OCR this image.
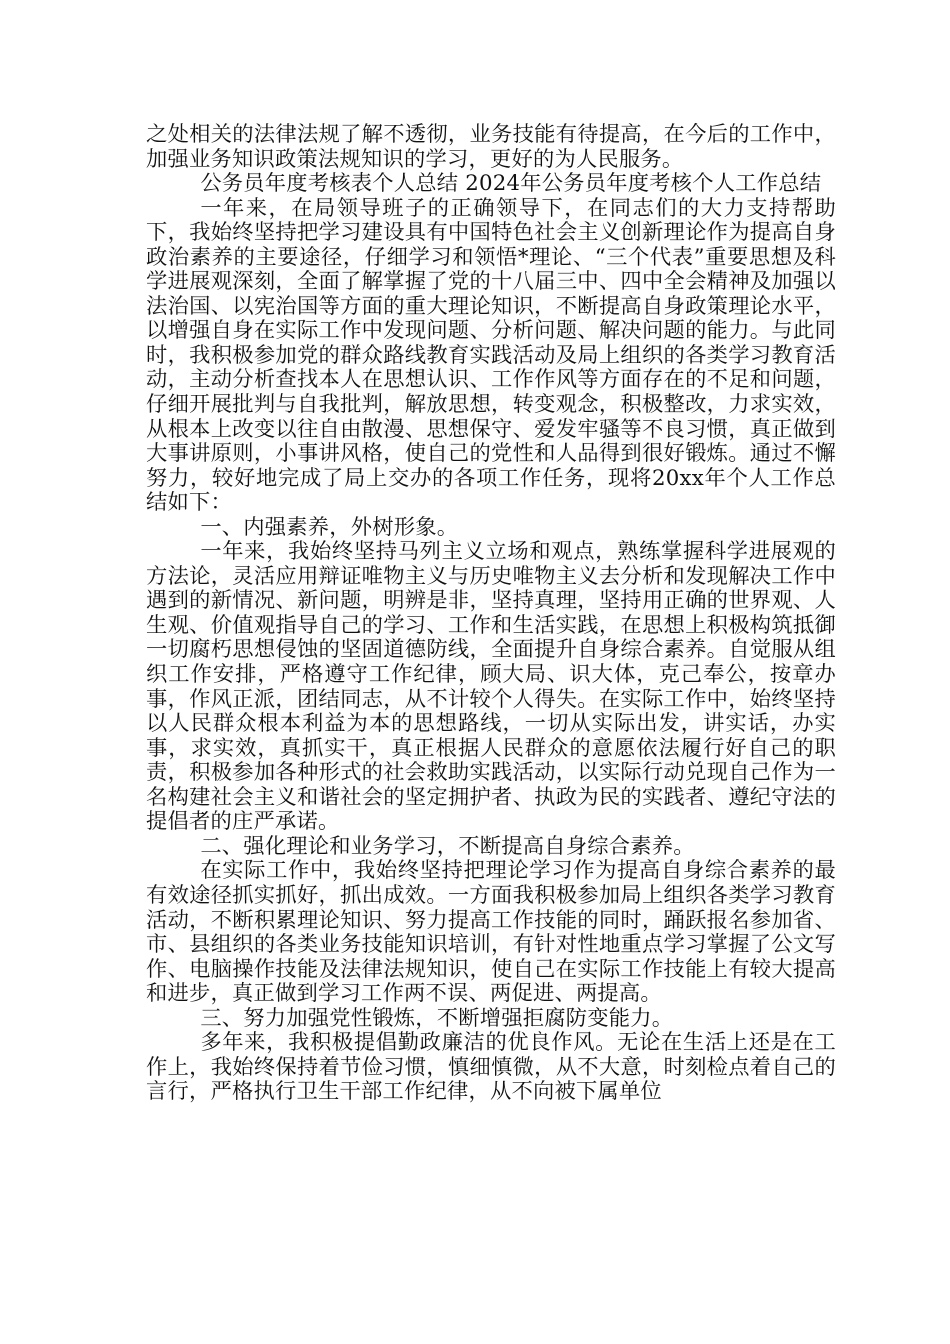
之处相关的法律法规了解不透彻，业务技能有待提高，在今后的工作中，加强业务知识政策法规知识的学习，更好的为人民服务。

公务员年度考核表个人总结 2024年公务员年度考核个人工作总结

一年来，在局领导班子的正确领导下，在同志们的大力支持帮助下，我始终坚持把学习建设具有中国特色社会主义创新理论作为提高自身政治素养的主要途径，仔细学习和领悟*理论、“三个代表”重要思想及科学进展观深刻，全面了解掌握了党的十八届三中、四中全会精神及加强以法治国、以宪治国等方面的重大理论知识，不断提高自身政策理论水平，以增强自身在实际工作中发现问题、分析问题、解决问题的能力。与此同时，我积极参加党的群众路线教育实践活动及局上组织的各类学习教育活动，主动分析查找本人在思想认识、工作作风等方面存在的不足和问题，仔细开展批判与自我批判，解放思想，转变观念，积极整改，力求实效，从根本上改变以往自由散漫、思想保守、爱发牢骚等不良习惯，真正做到大事讲原则，小事讲风格，使自己的党性和人品得到很好锻炼。通过不懈努力，较好地完成了局上交办的各项工作任务，现将20xx年个人工作总结如下：

一、内强素养，外树形象。

一年来，我始终坚持马列主义立场和观点，熟练掌握科学进展观的方法论，灵活应用辩证唯物主义与历史唯物主义去分析和发现解决工作中遇到的新情况、新问题，明辨是非，坚持真理，坚持用正确的世界观、人生观、价值观指导自己的学习、工作和生活实践，在思想上积极构筑抵御一切腐朽思想侵蚀的坚固道德防线，全面提升自身综合素养。自觉服从组织工作安排，严格遵守工作纪律，顾大局、识大体，克己奉公，按章办事，作风正派，团结同志，从不计较个人得失。在实际工作中，始终坚持以人民群众根本利益为本的思想路线，一切从实际出发，讲实话，办实事，求实效，真抓实干，真正根据人民群众的意愿依法履行好自己的职责，积极参加各种形式的社会救助实践活动，以实际行动兑现自己作为一名构建社会主义和谐社会的坚定拥护者、执政为民的实践者、遵纪守法的提倡者的庄严承诺。

二、强化理论和业务学习，不断提高自身综合素养。

在实际工作中，我始终坚持把理论学习作为提高自身综合素养的最有效途径抓实抓好，抓出成效。一方面我积极参加局上组织各类学习教育活动，不断积累理论知识、努力提高工作技能的同时，踊跃报名参加省、市、县组织的各类业务技能知识培训，有针对性地重点学习掌握了公文写作、电脑操作技能及法律法规知识，使自己在实际工作技能上有较大提高和进步，真正做到学习工作两不误、两促进、两提高。

三、努力加强党性锻炼，不断增强拒腐防变能力。

多年来，我积极提倡勤政廉洁的优良作风。无论在生活上还是在工作上，我始终保持着节俭习惯，慎细慎微，从不大意，时刻检点着自己的言行，严格执行卫生干部工作纪律，从不向被下属单位
